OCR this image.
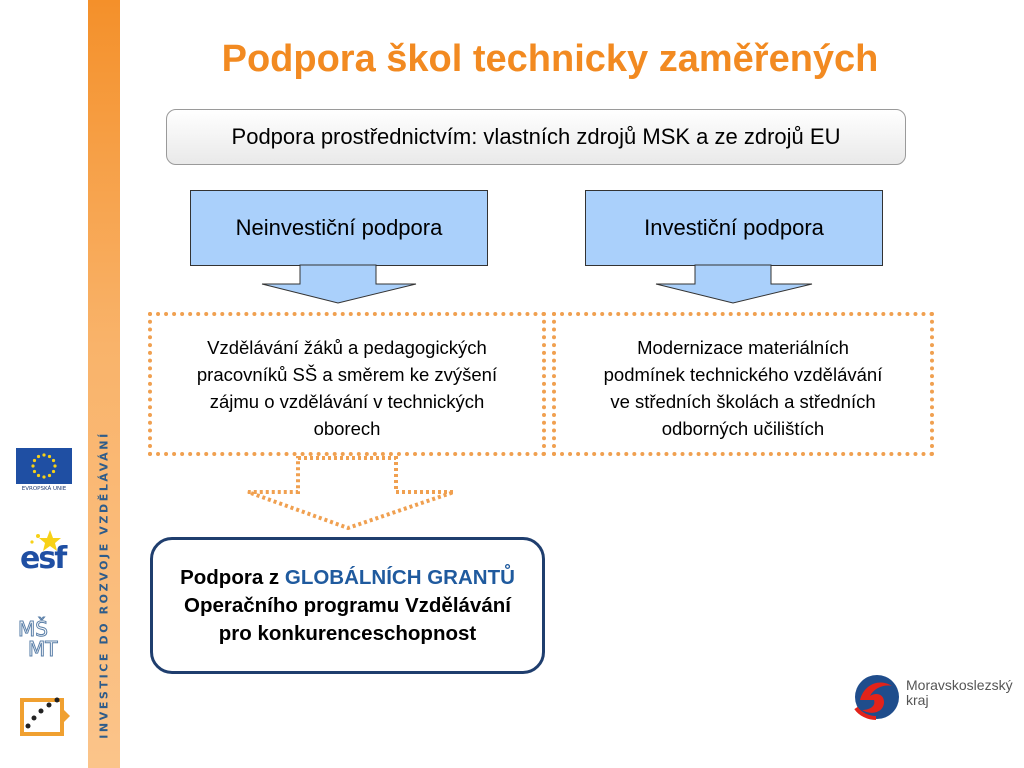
INVESTICE DO ROZVOJE VZDĚLÁVÁNÍ
EVROPSKÁ UNIE
esf
MŠ
MT
Podpora škol technicky zaměřených
Podpora prostřednictvím: vlastních zdrojů MSK a ze zdrojů EU
Neinvestiční podpora	Investiční podpora
Vzdělávání žáků a pedagogických
pracovníků SŠ a směrem ke zvýšení
zájmu o vzdělávání v technických
oborech
Modernizace materiálních
podmínek technického vzdělávání
ve středních školách a středních
odborných učilištích
Podpora z GLOBÁLNÍCH GRANTŮ Operačního programu Vzdělávání pro konkurenceschopnost
Moravskoslezský
kraj
